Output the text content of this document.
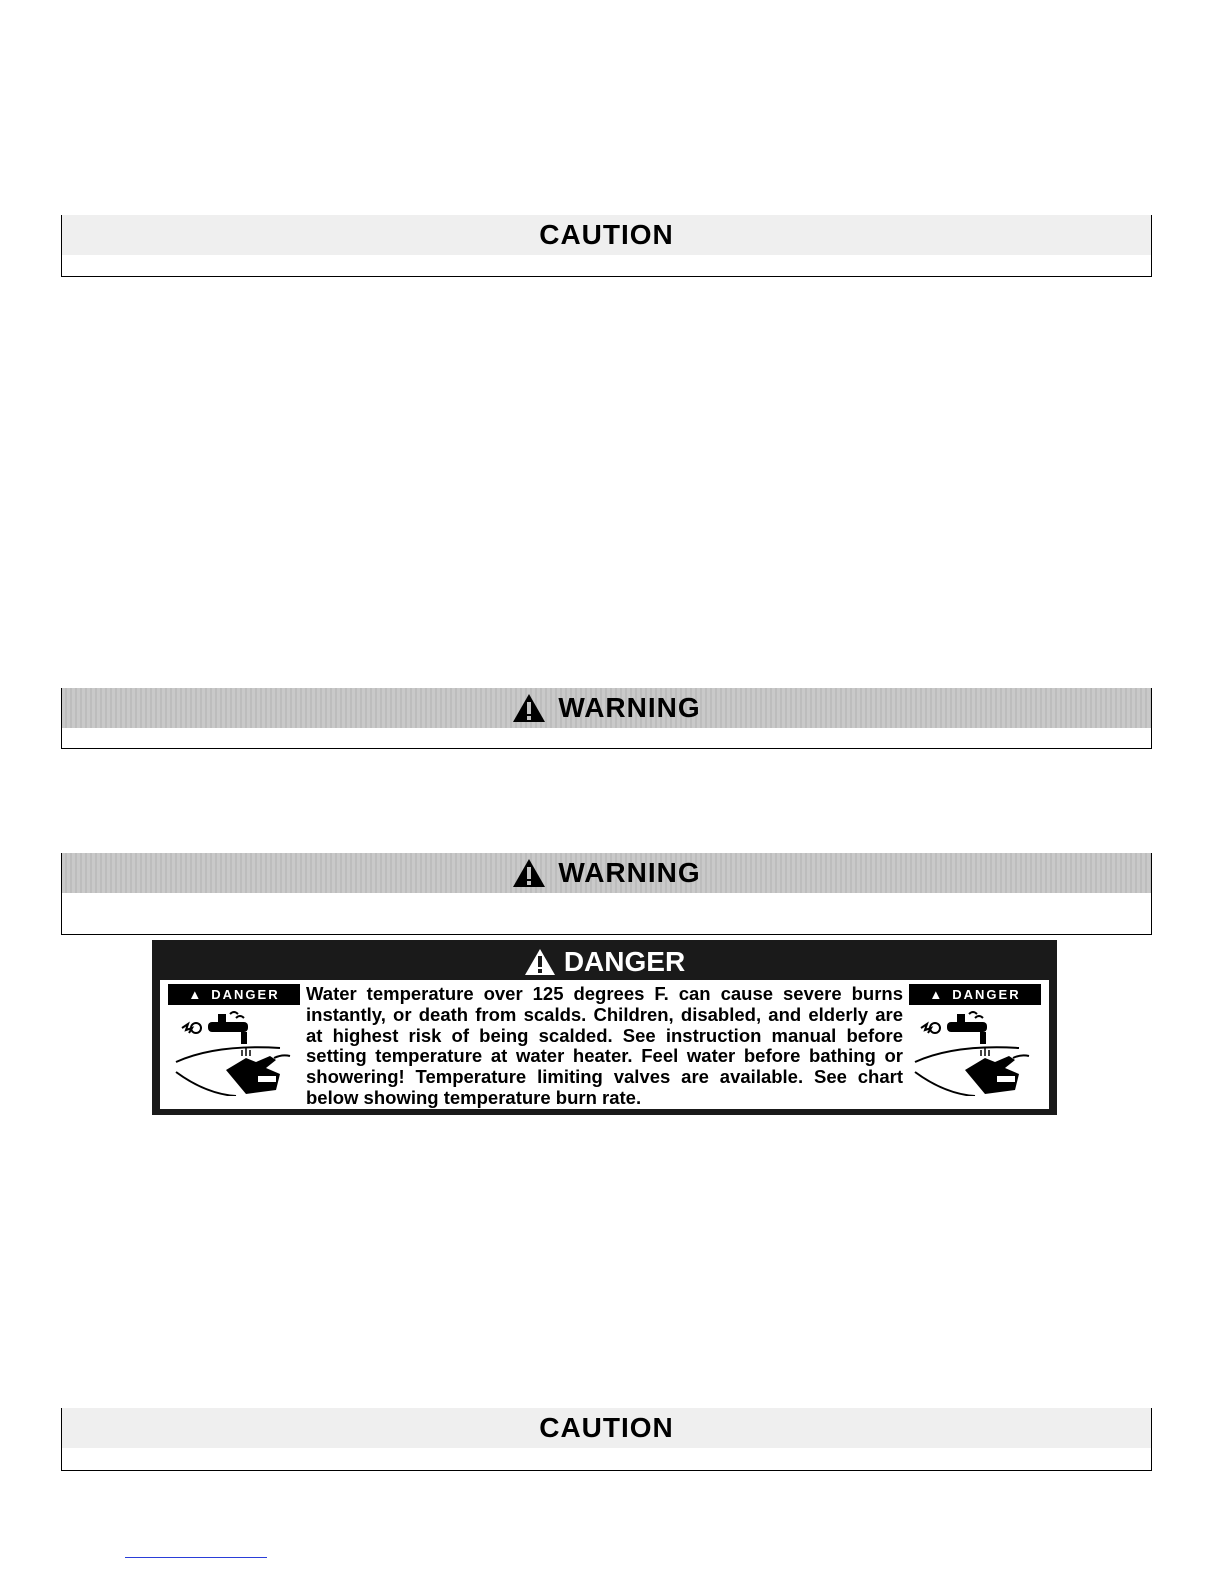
CAUTION
WARNING
WARNING
DANGER
▲ DANGER	Water temperature over 125 degrees F. can cause severe burns instantly, or death from scalds. Children, disabled, and elderly are at highest risk of being scalded. See instruction manual before setting temperature at water heater. Feel water before bathing or showering! Temperature limiting valves are available. See chart below showing temperature burn rate.
▲ DANGER
CAUTION
